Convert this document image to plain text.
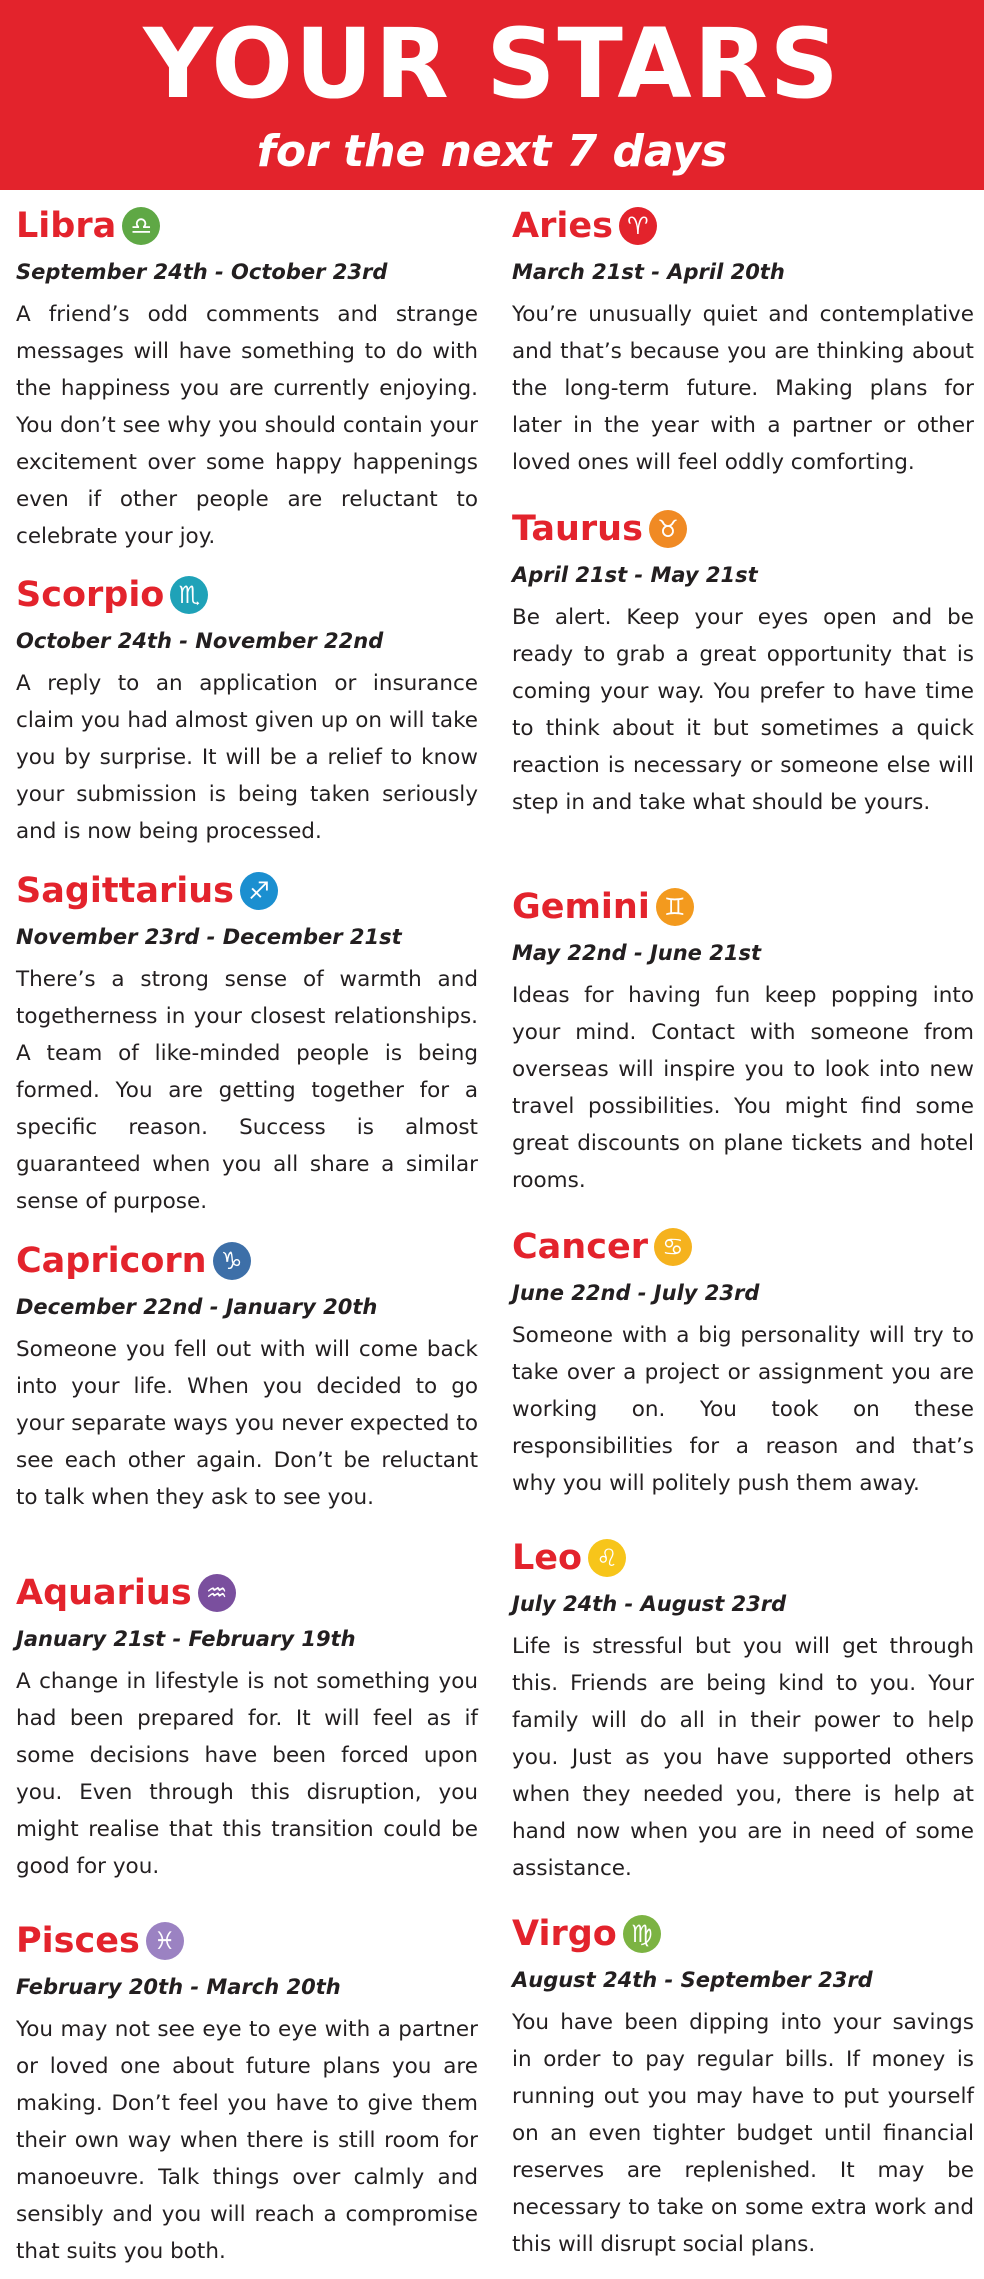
YOUR STARS
for the next 7 days
Libra ♎︎
September 24th - October 23rd
A friend’s odd comments and strange messages will have something to do with the happiness you are currently enjoying. You don’t see why you should contain your excitement over some happy happenings even if other people are reluctant to celebrate your joy.
Scorpio ♏︎
October 24th - November 22nd
A reply to an application or insurance claim you had almost given up on will take you by surprise. It will be a relief to know your submission is being taken seriously and is now being processed.
Sagittarius ♐︎
November 23rd - December 21st
There’s a strong sense of warmth and togetherness in your closest relationships. A team of like-minded people is being formed. You are getting together for a specific reason. Success is almost guaranteed when you all share a similar sense of purpose.
Capricorn ♑︎
December 22nd - January 20th
Someone you fell out with will come back into your life. When you decided to go your separate ways you never expected to see each other again. Don’t be reluctant to talk when they ask to see you.
Aquarius ♒︎
January 21st - February 19th
A change in lifestyle is not something you had been prepared for. It will feel as if some decisions have been forced upon you. Even through this disruption, you might realise that this transition could be good for you.
Pisces ♓︎
February 20th - March 20th
You may not see eye to eye with a partner or loved one about future plans you are making. Don’t feel you have to give them their own way when there is still room for manoeuvre. Talk things over calmly and sensibly and you will reach a compromise that suits you both.
Aries ♈︎
March 21st - April 20th
You’re unusually quiet and contemplative and that’s because you are thinking about the long-term future. Making plans for later in the year with a partner or other loved ones will feel oddly comforting.
Taurus ♉︎
April 21st - May 21st
Be alert. Keep your eyes open and be ready to grab a great opportunity that is coming your way. You prefer to have time to think about it but sometimes a quick reaction is necessary or someone else will step in and take what should be yours.
Gemini ♊︎
May 22nd - June 21st
Ideas for having fun keep popping into your mind. Contact with someone from overseas will inspire you to look into new travel possibilities. You might find some great discounts on plane tickets and hotel rooms.
Cancer ♋︎
June 22nd - July 23rd
Someone with a big personality will try to take over a project or assignment you are working on. You took on these responsibilities for a reason and that’s why you will politely push them away.
Leo ♌︎
July 24th - August 23rd
Life is stressful but you will get through this. Friends are being kind to you. Your family will do all in their power to help you. Just as you have supported others when they needed you, there is help at hand now when you are in need of some assistance.
Virgo ♍︎
August 24th - September 23rd
You have been dipping into your savings in order to pay regular bills. If money is running out you may have to put yourself on an even tighter budget until financial reserves are replenished. It may be necessary to take on some extra work and this will disrupt social plans.
